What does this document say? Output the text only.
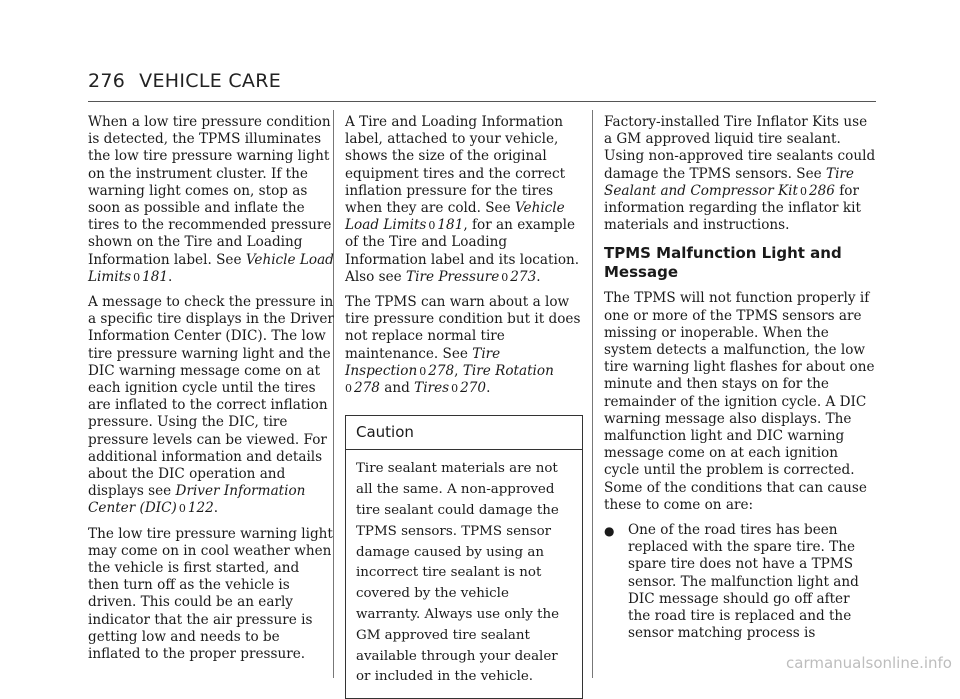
276 VEHICLE CARE

When a low tire pressure condition is detected, the TPMS illuminates the low tire pressure warning light on the instrument cluster. If the warning light comes on, stop as soon as possible and inflate the tires to the recommended pressure shown on the Tire and Loading Information label. See Vehicle Load Limits 0 181.

A message to check the pressure in a specific tire displays in the Driver Information Center (DIC). The low tire pressure warning light and the DIC warning message come on at each ignition cycle until the tires are inflated to the correct inflation pressure. Using the DIC, tire pressure levels can be viewed. For additional information and details about the DIC operation and displays see Driver Information Center (DIC) 0 122.

The low tire pressure warning light may come on in cool weather when the vehicle is first started, and then turn off as the vehicle is driven. This could be an early indicator that the air pressure is getting low and needs to be inflated to the proper pressure.

A Tire and Loading Information label, attached to your vehicle, shows the size of the original equipment tires and the correct inflation pressure for the tires when they are cold. See Vehicle Load Limits 0 181, for an example of the Tire and Loading Information label and its location. Also see Tire Pressure 0 273.

The TPMS can warn about a low tire pressure condition but it does not replace normal tire maintenance. See Tire Inspection 0 278, Tire Rotation
0 278 and Tires 0 270.

Caution
Tire sealant materials are not all the same. A non-approved tire sealant could damage the TPMS sensors. TPMS sensor damage caused by using an incorrect tire sealant is not covered by the vehicle warranty. Always use only the GM approved tire sealant available through your dealer or included in the vehicle.

Factory-installed Tire Inflator Kits use a GM approved liquid tire sealant. Using non-approved tire sealants could damage the TPMS sensors. See Tire Sealant and Compressor Kit 0 286 for information regarding the inflator kit materials and instructions.

TPMS Malfunction Light and Message

The TPMS will not function properly if one or more of the TPMS sensors are missing or inoperable. When the system detects a malfunction, the low tire warning light flashes for about one minute and then stays on for the remainder of the ignition cycle. A DIC warning message also displays. The malfunction light and DIC warning message come on at each ignition cycle until the problem is corrected. Some of the conditions that can cause these to come on are:

● One of the road tires has been replaced with the spare tire. The spare tire does not have a TPMS sensor. The malfunction light and DIC message should go off after the road tire is replaced and the sensor matching process is
carmanualsonline.info
